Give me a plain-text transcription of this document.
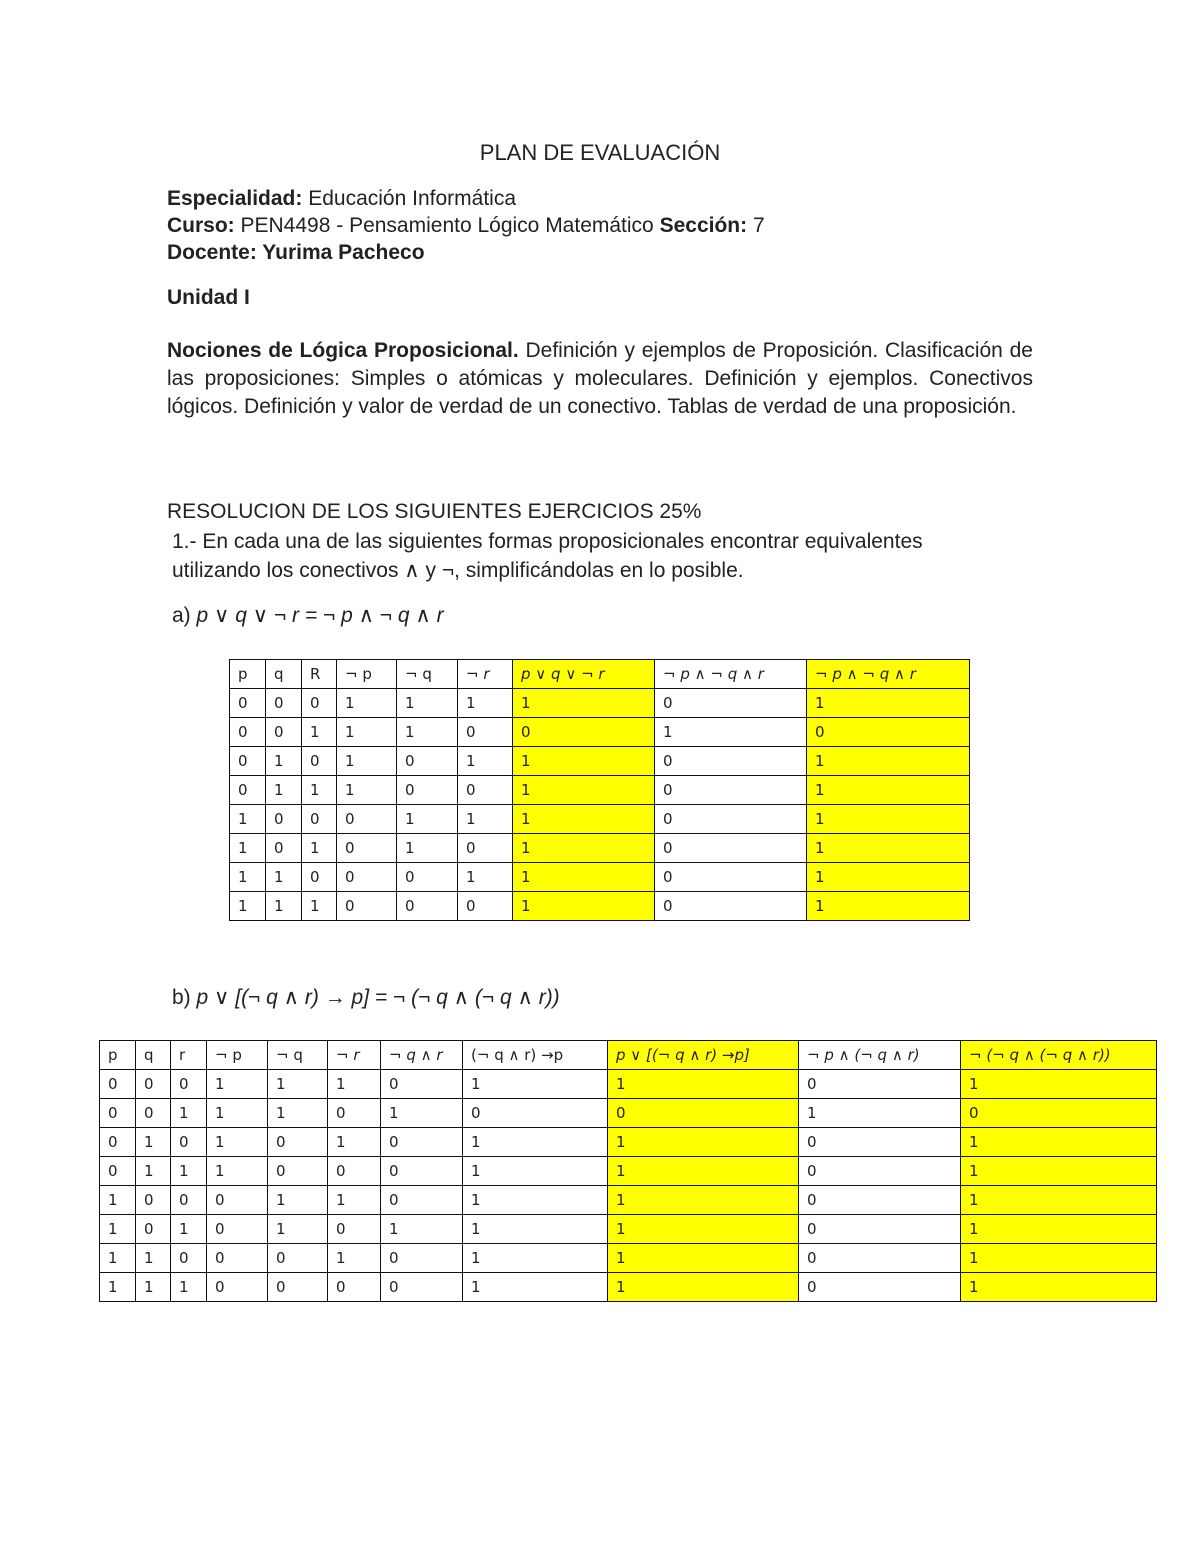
PLAN DE EVALUACIÓN
Especialidad: Educación Informática
Curso: PEN4498 - Pensamiento Lógico Matemático Sección: 7
Docente: Yurima Pacheco
Unidad I
Nociones de Lógica Proposicional. Definición y ejemplos de Proposición. Clasificación de las proposiciones: Simples o atómicas y moleculares. Definición y ejemplos. Conectivos lógicos. Definición y valor de verdad de un conectivo. Tablas de verdad de una proposición.
RESOLUCION DE LOS SIGUIENTES EJERCICIOS 25%
1.- En cada una de las siguientes formas proposicionales encontrar equivalentes
utilizando los conectivos ∧ y ¬, simplificándolas en lo posible.
a) p ∨ q ∨ ¬ r = ¬ p ∧ ¬ q ∧ r
p	q	R	¬ p	¬ q	¬ r	p ∨ q ∨ ¬ r	¬ p ∧ ¬ q ∧ r	¬ p ∧ ¬ q ∧ r
0	0	0	1	1	1	1	0	1
0	0	1	1	1	0	0	1	0
0	1	0	1	0	1	1	0	1
0	1	1	1	0	0	1	0	1
1	0	0	0	1	1	1	0	1
1	0	1	0	1	0	1	0	1
1	1	0	0	0	1	1	0	1
1	1	1	0	0	0	1	0	1
b) p ∨ [(¬ q ∧ r) → p] = ¬ (¬ q ∧ (¬ q ∧ r))
p	q	r	¬ p	¬ q	¬ r	¬ q ∧ r	(¬ q ∧ r) →p	p ∨ [(¬ q ∧ r) →p]	¬ p ∧ (¬ q ∧ r)	¬ (¬ q ∧ (¬ q ∧ r))
0	0	0	1	1	1	0	1	1	0	1
0	0	1	1	1	0	1	0	0	1	0
0	1	0	1	0	1	0	1	1	0	1
0	1	1	1	0	0	0	1	1	0	1
1	0	0	0	1	1	0	1	1	0	1
1	0	1	0	1	0	1	1	1	0	1
1	1	0	0	0	1	0	1	1	0	1
1	1	1	0	0	0	0	1	1	0	1
